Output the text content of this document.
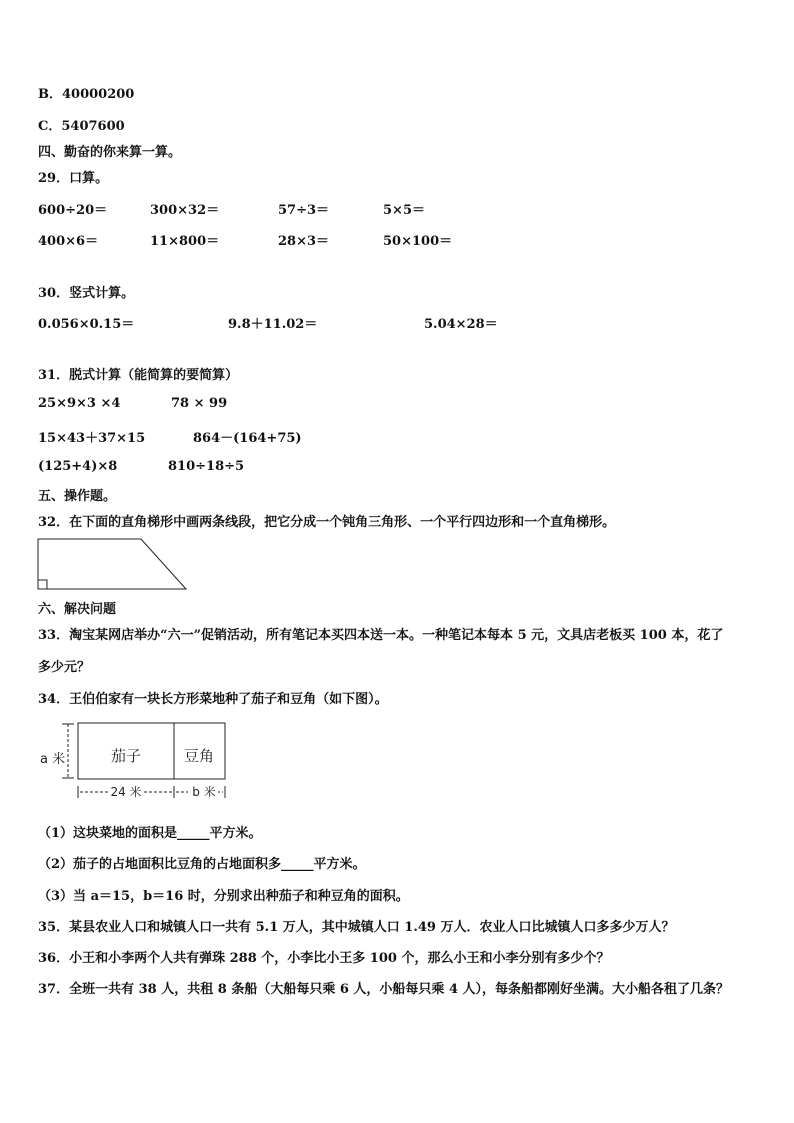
B．40000200
C．5407600
四、勤奋的你来算一算。
29．口算。
600÷20＝	300×32＝	57÷3＝	5×5＝
400×6＝	11×800＝	28×3＝	50×100＝
30．竖式计算。
0.056×0.15＝	9.8＋11.02＝	5.04×28＝
31．脱式计算（能简算的要简算）
25×9×3 ×4	78 × 99
15×43＋37×15	864－(164+75)
(125+4)×8	810÷18÷5
五、操作题。
32．在下面的直角梯形中画两条线段，把它分成一个钝角三角形、一个平行四边形和一个直角梯形。
六、解决问题
33．淘宝某网店举办“六一”促销活动，所有笔记本买四本送一本。一种笔记本每本 5 元，文具店老板买 100 本，花了
多少元？
34．王伯伯家有一块长方形菜地种了茄子和豆角（如下图）。
a 米	茄子	豆角
24 米	b 米
（1）这块菜地的面积是_____平方米。
（2）茄子的占地面积比豆角的占地面积多_____平方米。
（3）当 a＝15，b＝16 时，分别求出种茄子和种豆角的面积。
35．某县农业人口和城镇人口一共有 5.1 万人，其中城镇人口 1.49 万人．农业人口比城镇人口多多少万人？
36．小王和小李两个人共有弹珠 288 个，小李比小王多 100 个，那么小王和小李分别有多少个？
37．全班一共有 38 人，共租 8 条船（大船每只乘 6 人，小船每只乘 4 人），每条船都刚好坐满。大小船各租了几条？
